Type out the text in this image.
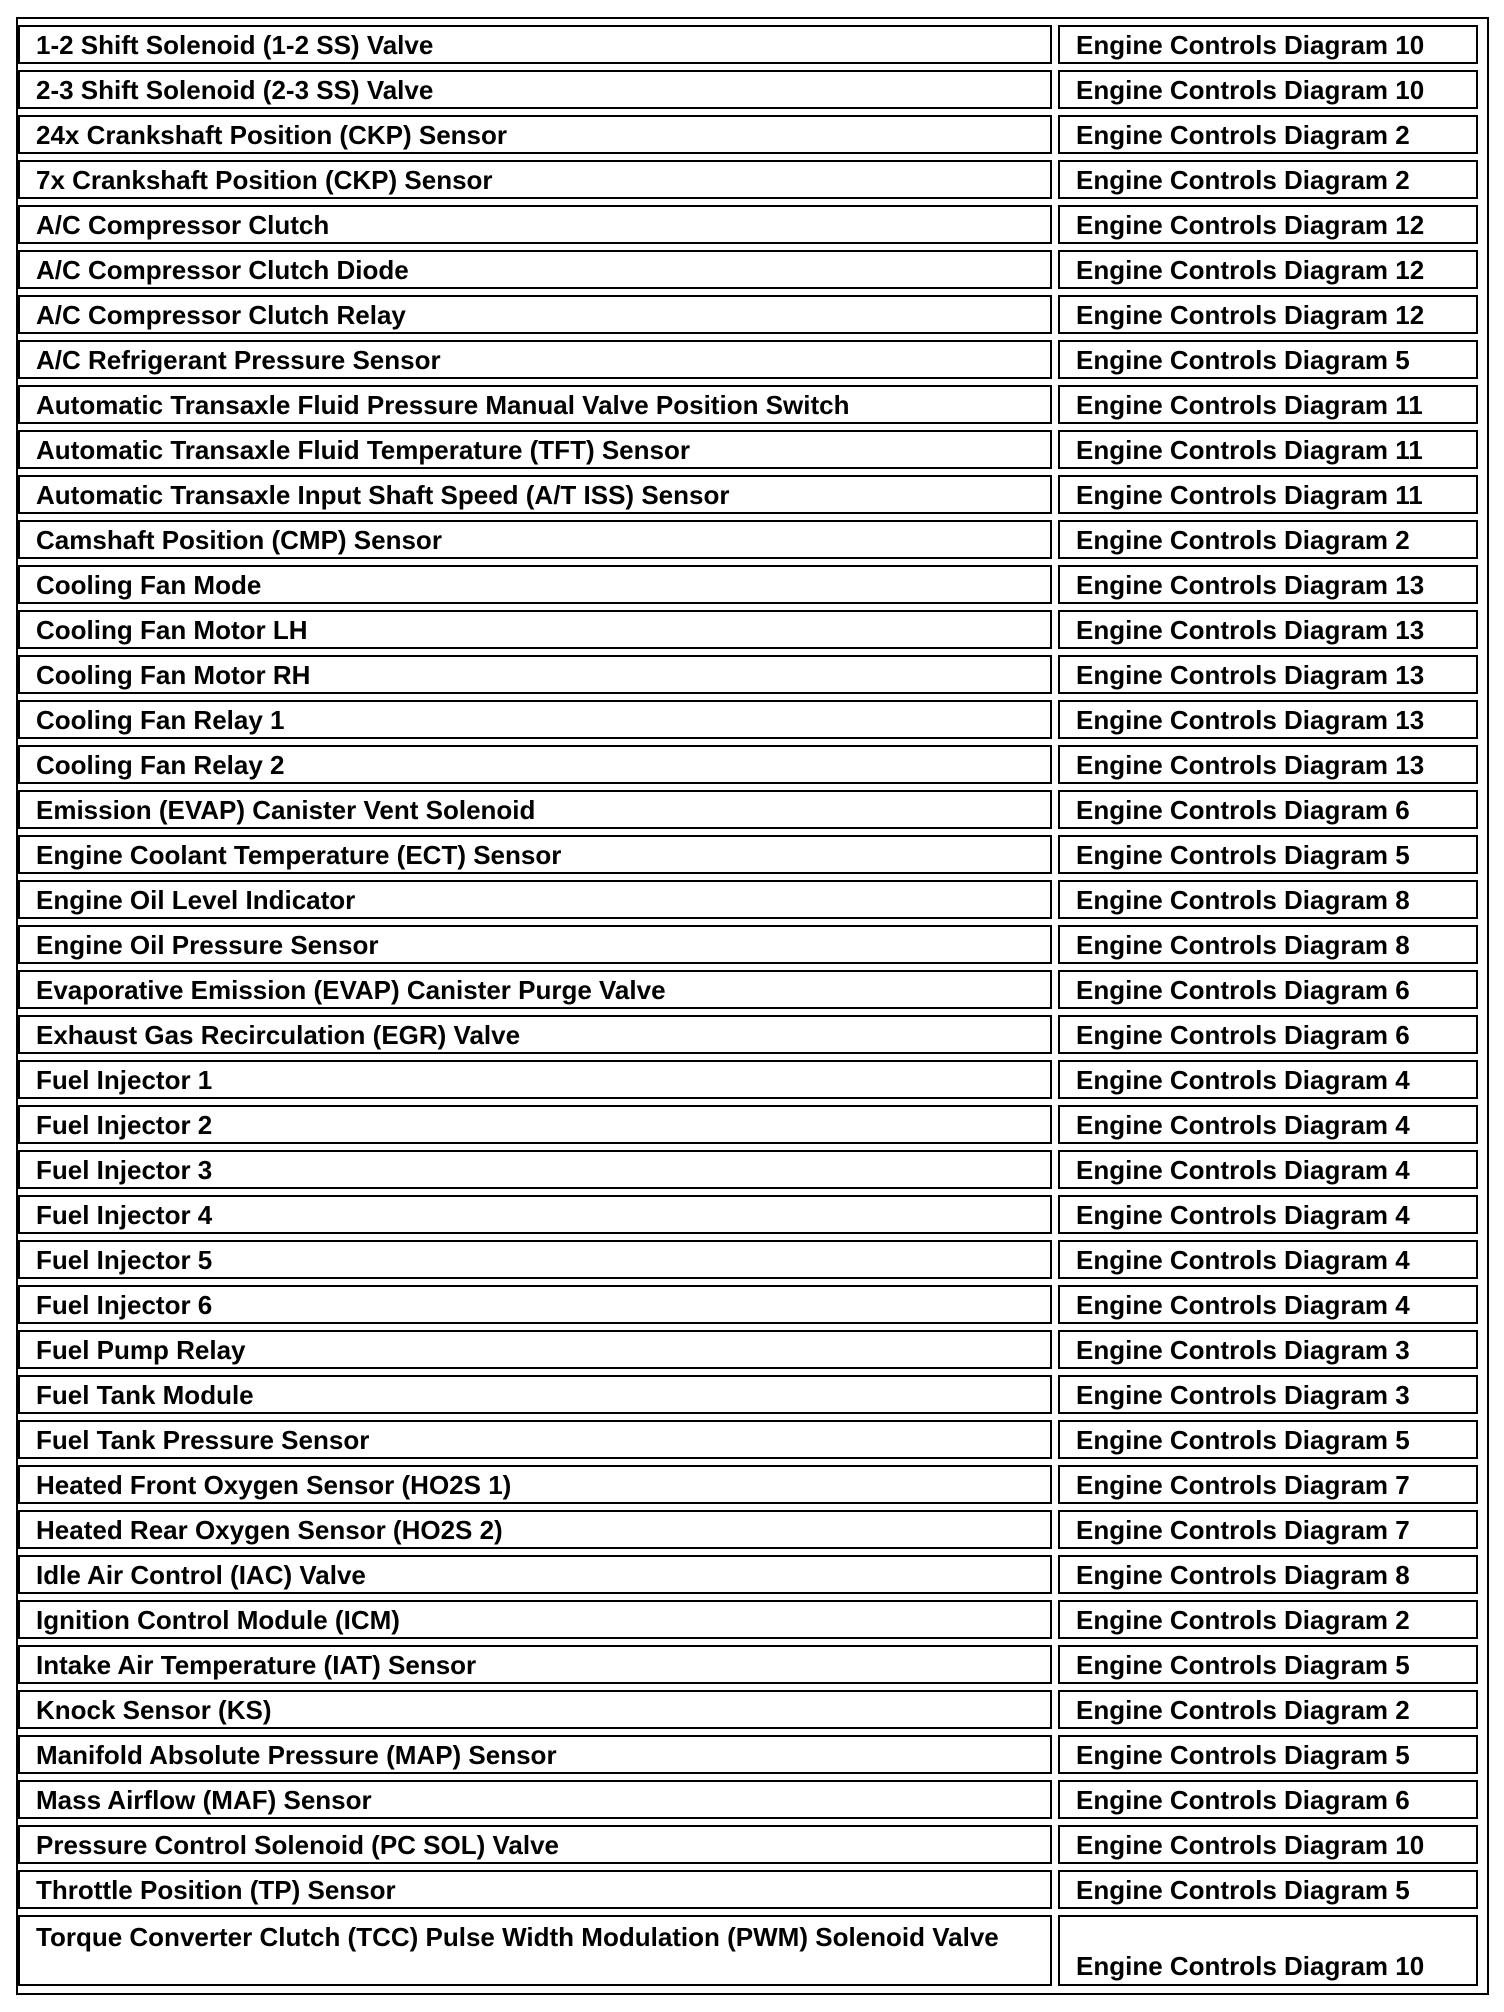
1-2 Shift Solenoid (1-2 SS) Valve	Engine Controls Diagram 10
2-3 Shift Solenoid (2-3 SS) Valve	Engine Controls Diagram 10
24x Crankshaft Position (CKP) Sensor	Engine Controls Diagram 2
7x Crankshaft Position (CKP) Sensor	Engine Controls Diagram 2
A/C Compressor Clutch	Engine Controls Diagram 12
A/C Compressor Clutch Diode	Engine Controls Diagram 12
A/C Compressor Clutch Relay	Engine Controls Diagram 12
A/C Refrigerant Pressure Sensor	Engine Controls Diagram 5
Automatic Transaxle Fluid Pressure Manual Valve Position Switch	Engine Controls Diagram 11
Automatic Transaxle Fluid Temperature (TFT) Sensor	Engine Controls Diagram 11
Automatic Transaxle Input Shaft Speed (A/T ISS) Sensor	Engine Controls Diagram 11
Camshaft Position (CMP) Sensor	Engine Controls Diagram 2
Cooling Fan Mode	Engine Controls Diagram 13
Cooling Fan Motor LH	Engine Controls Diagram 13
Cooling Fan Motor RH	Engine Controls Diagram 13
Cooling Fan Relay 1	Engine Controls Diagram 13
Cooling Fan Relay 2	Engine Controls Diagram 13
Emission (EVAP) Canister Vent Solenoid	Engine Controls Diagram 6
Engine Coolant Temperature (ECT) Sensor	Engine Controls Diagram 5
Engine Oil Level Indicator	Engine Controls Diagram 8
Engine Oil Pressure Sensor	Engine Controls Diagram 8
Evaporative Emission (EVAP) Canister Purge Valve	Engine Controls Diagram 6
Exhaust Gas Recirculation (EGR) Valve	Engine Controls Diagram 6
Fuel Injector 1	Engine Controls Diagram 4
Fuel Injector 2	Engine Controls Diagram 4
Fuel Injector 3	Engine Controls Diagram 4
Fuel Injector 4	Engine Controls Diagram 4
Fuel Injector 5	Engine Controls Diagram 4
Fuel Injector 6	Engine Controls Diagram 4
Fuel Pump Relay	Engine Controls Diagram 3
Fuel Tank Module	Engine Controls Diagram 3
Fuel Tank Pressure Sensor	Engine Controls Diagram 5
Heated Front Oxygen Sensor (HO2S 1)	Engine Controls Diagram 7
Heated Rear Oxygen Sensor (HO2S 2)	Engine Controls Diagram 7
Idle Air Control (IAC) Valve	Engine Controls Diagram 8
Ignition Control Module (ICM)	Engine Controls Diagram 2
Intake Air Temperature (IAT) Sensor	Engine Controls Diagram 5
Knock Sensor (KS)	Engine Controls Diagram 2
Manifold Absolute Pressure (MAP) Sensor	Engine Controls Diagram 5
Mass Airflow (MAF) Sensor	Engine Controls Diagram 6
Pressure Control Solenoid (PC SOL) Valve	Engine Controls Diagram 10
Throttle Position (TP) Sensor	Engine Controls Diagram 5
Torque Converter Clutch (TCC) Pulse Width Modulation (PWM) Solenoid Valve	Engine Controls Diagram 10
